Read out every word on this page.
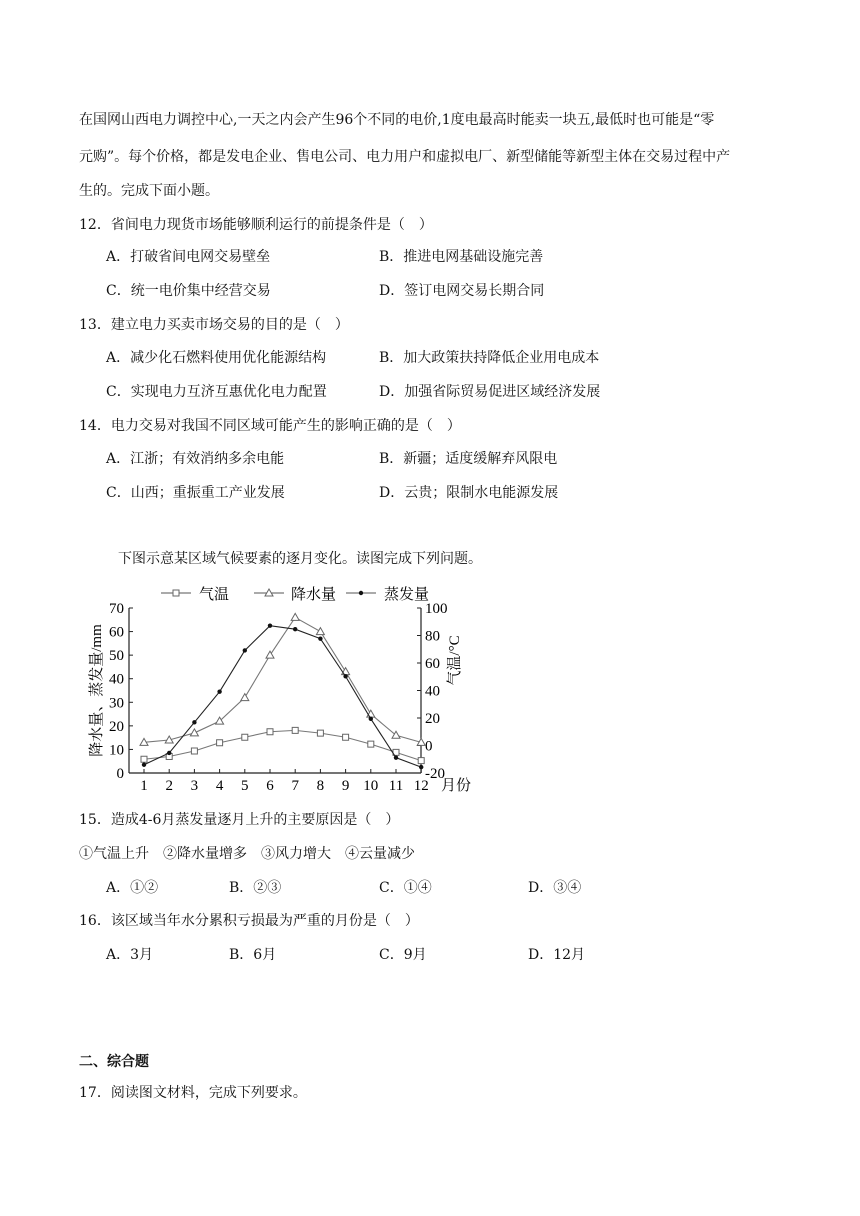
在国网山西电力调控中心,一天之内会产生96个不同的电价,1度电最高时能卖一块五,最低时也可能是“零
元购”。每个价格，都是发电企业、售电公司、电力用户和虚拟电厂、新型储能等新型主体在交易过程中产
生的。完成下面小题。
12．省间电力现货市场能够顺利运行的前提条件是（　）
A．打破省间电网交易壁垒	B．推进电网基础设施完善
C．统一电价集中经营交易	D．签订电网交易长期合同
13．建立电力买卖市场交易的目的是（　）
A．减少化石燃料使用优化能源结构	B．加大政策扶持降低企业用电成本
C．实现电力互济互惠优化电力配置	D．加强省际贸易促进区域经济发展
14．电力交易对我国不同区域可能产生的影响正确的是（　）
A．江浙；有效消纳多余电能	B．新疆；适度缓解弃风限电
C．山西；重振重工产业发展	D．云贵；限制水电能源发展
下图示意某区域气候要素的逐月变化。读图完成下列问题。
0
10
20
30
40
50
60
70
-20
0
20
40
60
80
100
1 2 3 4 5 6 7 8 9 10 11 12 月份
降水量、蒸发量/mm	气温/°C
气温	降水量	蒸发量
15．造成4-6月蒸发量逐月上升的主要原因是（　）
①气温上升　②降水量增多　③风力增大　④云量减少
A．①②	B．②③	C．①④	D．③④
16．该区域当年水分累积亏损最为严重的月份是（　）
A．3月	B．6月	C．9月	D．12月
二、综合题
17．阅读图文材料，完成下列要求。
